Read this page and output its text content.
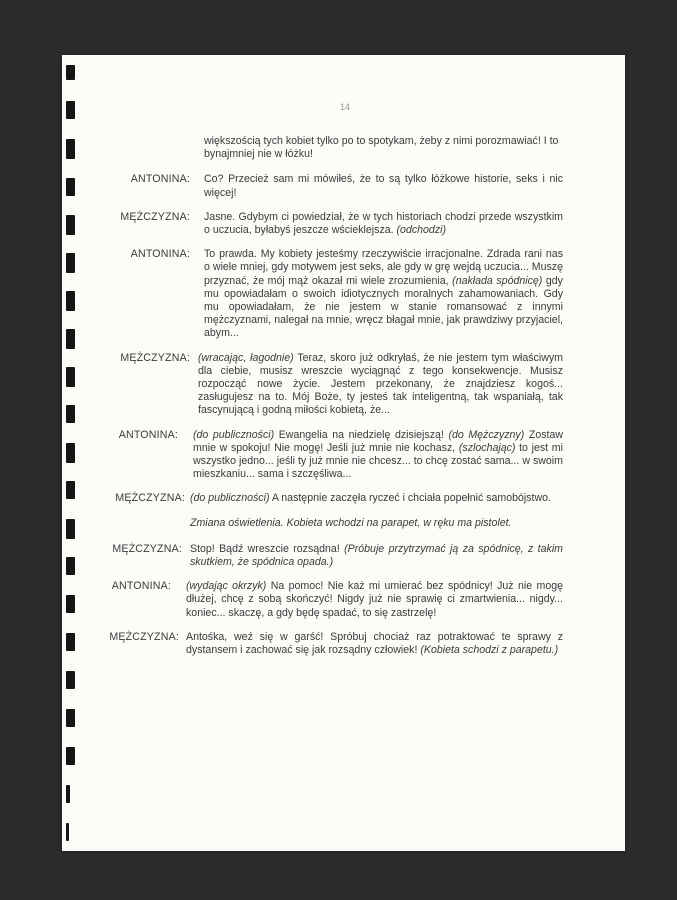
14
większością tych kobiet tylko po to spotykam, żeby z nimi porozmawiać! I to bynajmniej nie w łóżku!
ANTONINA: Co? Przecież sam mi mówiłeś, że to są tylko łóżkowe historie, seks i nic więcej!
MĘŻCZYZNA: Jasne. Gdybym ci powiedział, że w tych historiach chodzi przede wszystkim o uczucia, byłabyś jeszcze wścieklejsza. (odchodzi)
ANTONINA: To prawda. My kobiety jesteśmy rzeczywiście irracjonalne. Zdrada rani nas o wiele mniej, gdy motywem jest seks, ale gdy w grę wejdą uczucia... Muszę przyznać, że mój mąż okazał mi wiele zrozumienia, (nakłada spódnicę) gdy mu opowiadałam o swoich idiotycznych moralnych zahamowaniach. Gdy mu opowiadałam, że nie jestem w stanie romansować z innymi mężczyznami, nalegał na mnie, wręcz błagał mnie, jak prawdziwy przyjaciel, abym...
MĘŻCZYZNA: (wracając, łagodnie) Teraz, skoro już odkryłaś, że nie jestem tym właściwym dla ciebie, musisz wreszcie wyciągnąć z tego konsekwencje. Musisz rozpocząć nowe życie. Jestem przekonany, że znajdziesz kogoś... zasługujesz na to. Mój Boże, ty jesteś tak inteligentną, tak wspaniałą, tak fascynującą i godną miłości kobietą, że...
ANTONINA: (do publiczności) Ewangelia na niedzielę dzisiejszą! (do Mężczyzny) Zostaw mnie w spokoju! Nie mogę! Jeśli już mnie nie kochasz, (szlochając) to jest mi wszystko jedno... jeśli ty już mnie nie chcesz... to chcę zostać sama... w swoim mieszkaniu... sama i szczęśliwa...
MĘŻCZYZNA: (do publiczności) A następnie zaczęła ryczeć i chciała popełnić samobójstwo.
Zmiana oświetlenia. Kobieta wchodzi na parapet, w ręku ma pistolet.
MĘŻCZYZNA: Stop! Bądź wreszcie rozsądna! (Próbuje przytrzymać ją za spódnicę, z takim skutkiem, że spódnica opada.)
ANTONINA: (wydając okrzyk) Na pomoc! Nie każ mi umierać bez spódnicy! Już nie mogę dłużej, chcę z sobą skończyć! Nigdy już nie sprawię ci zmartwienia... nigdy... koniec... skaczę, a gdy będę spadać, to się zastrzelę!
MĘŻCZYZNA: Antośka, weź się w garść! Spróbuj chociaż raz potraktować te sprawy z dystansem i zachować się jak rozsądny człowiek! (Kobieta schodzi z parapetu.)
